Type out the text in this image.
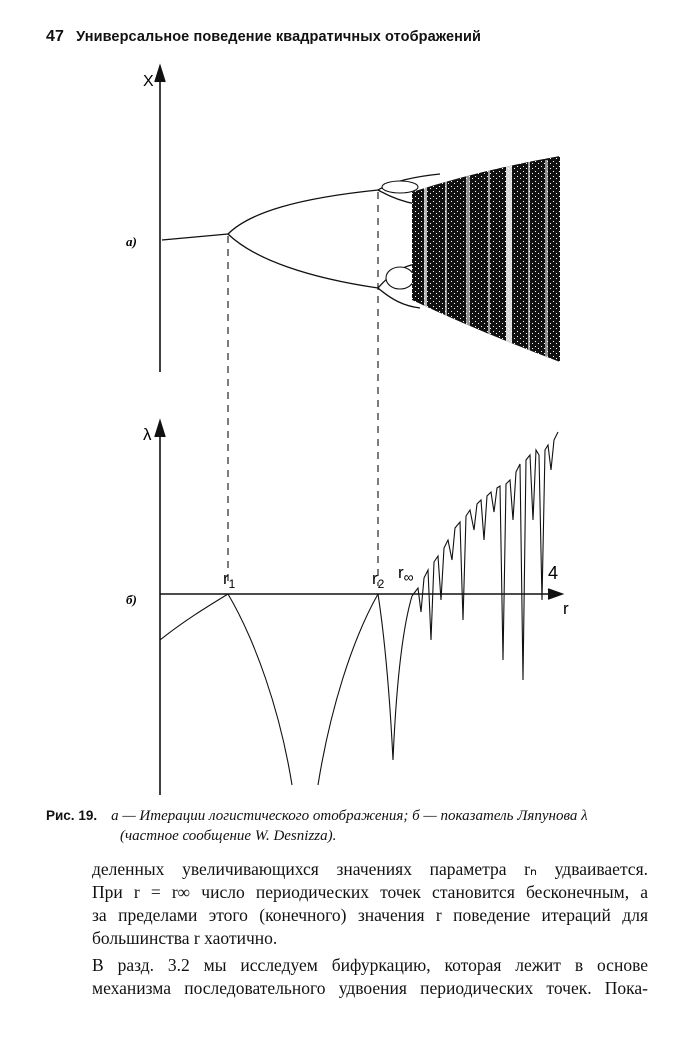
47 Универсальное поведение квадратичных отображений
X
а)
λ
б)	r
$r_1$	$r_2$
$r_\infty$	4
Рис. 19. а — Итерации логистического отображения; б — показатель Ляпунова λ
(частное сообщение W. Desnizza).

деленных увеличивающихся значениях параметра rₙ удваивается.
При r = r∞ число периодических точек становится бесконечным, а
за пределами этого (конечного) значения r поведение итераций для
большинства r хаотично.

В разд. 3.2 мы исследуем бифуркацию, которая лежит в основе
механизма последовательного удвоения периодических точек. Пока-
